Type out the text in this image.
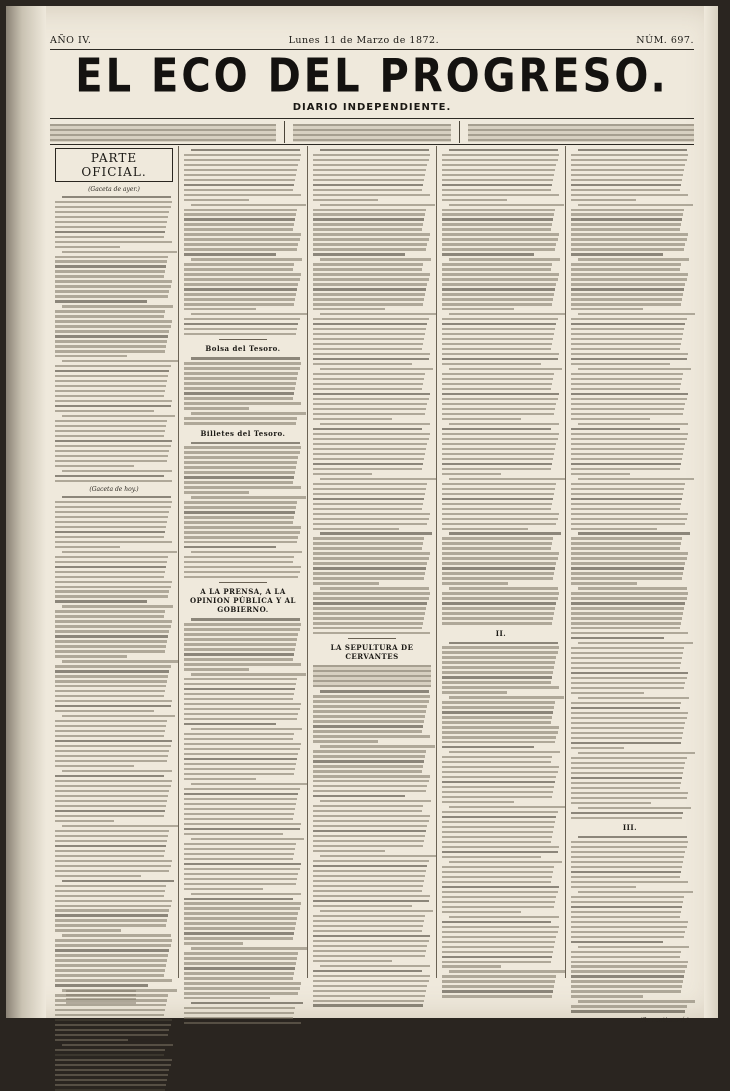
AÑO IV.	Lunes 11 de Marzo de 1872.	NÚM. 697.
EL ECO DEL PROGRESO.
DIARIO INDEPENDIENTE.
PARTE OFICIAL.
(Gaceta de ayer.)
(Gaceta de hoy.)
Bolsa del Tesoro.
Billetes del Tesoro.
A LA PRENSA, A LA OPINION PÚBLICA Y AL GOBIERNO.
LA SEPULTURA DE CERVANTES
II.
III.
(Se continuará.)
